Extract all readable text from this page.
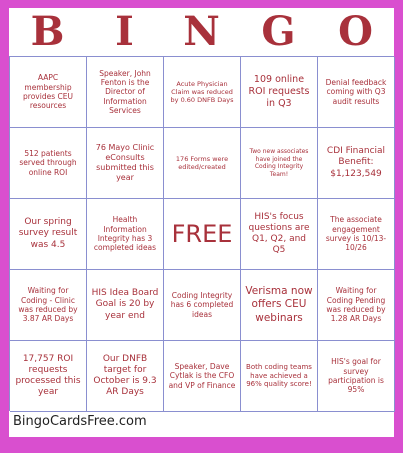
B	I	N	G	O
AAPC membership provides CEU resources
Speaker, John Fenton is the Director of Information Services
Acute Physician Claim was reduced by 0.60 DNFB Days
109 online ROI requests in Q3
Denial feedback coming with Q3 audit results
512 patients served through online ROI
76 Mayo Clinic eConsults submitted this year
176 Forms were edited/created
Two new associates have joined the Coding Integrity Team!
CDI Financial Benefit: $1,123,549
Our spring survey result was 4.5
Health Information Integrity has 3 completed ideas FREE
HIS's focus questions are Q1, Q2, and Q5
The associate engagement survey is 10/13-10/26
Waiting for Coding - Clinic was reduced by 3.87 AR Days
HIS Idea Board Goal is 20 by year end
Coding Integrity has 6 completed ideas
Verisma now offers CEU webinars
Waiting for Coding Pending was reduced by 1.28 AR Days
17,757 ROI requests processed this year
Our DNFB target for October is 9.3 AR Days
Speaker, Dave Cytlak is the CFO and VP of Finance
Both coding teams have achieved a 96% quality score!
HIS's goal for survey participation is 95%
BingoCardsFree.com
